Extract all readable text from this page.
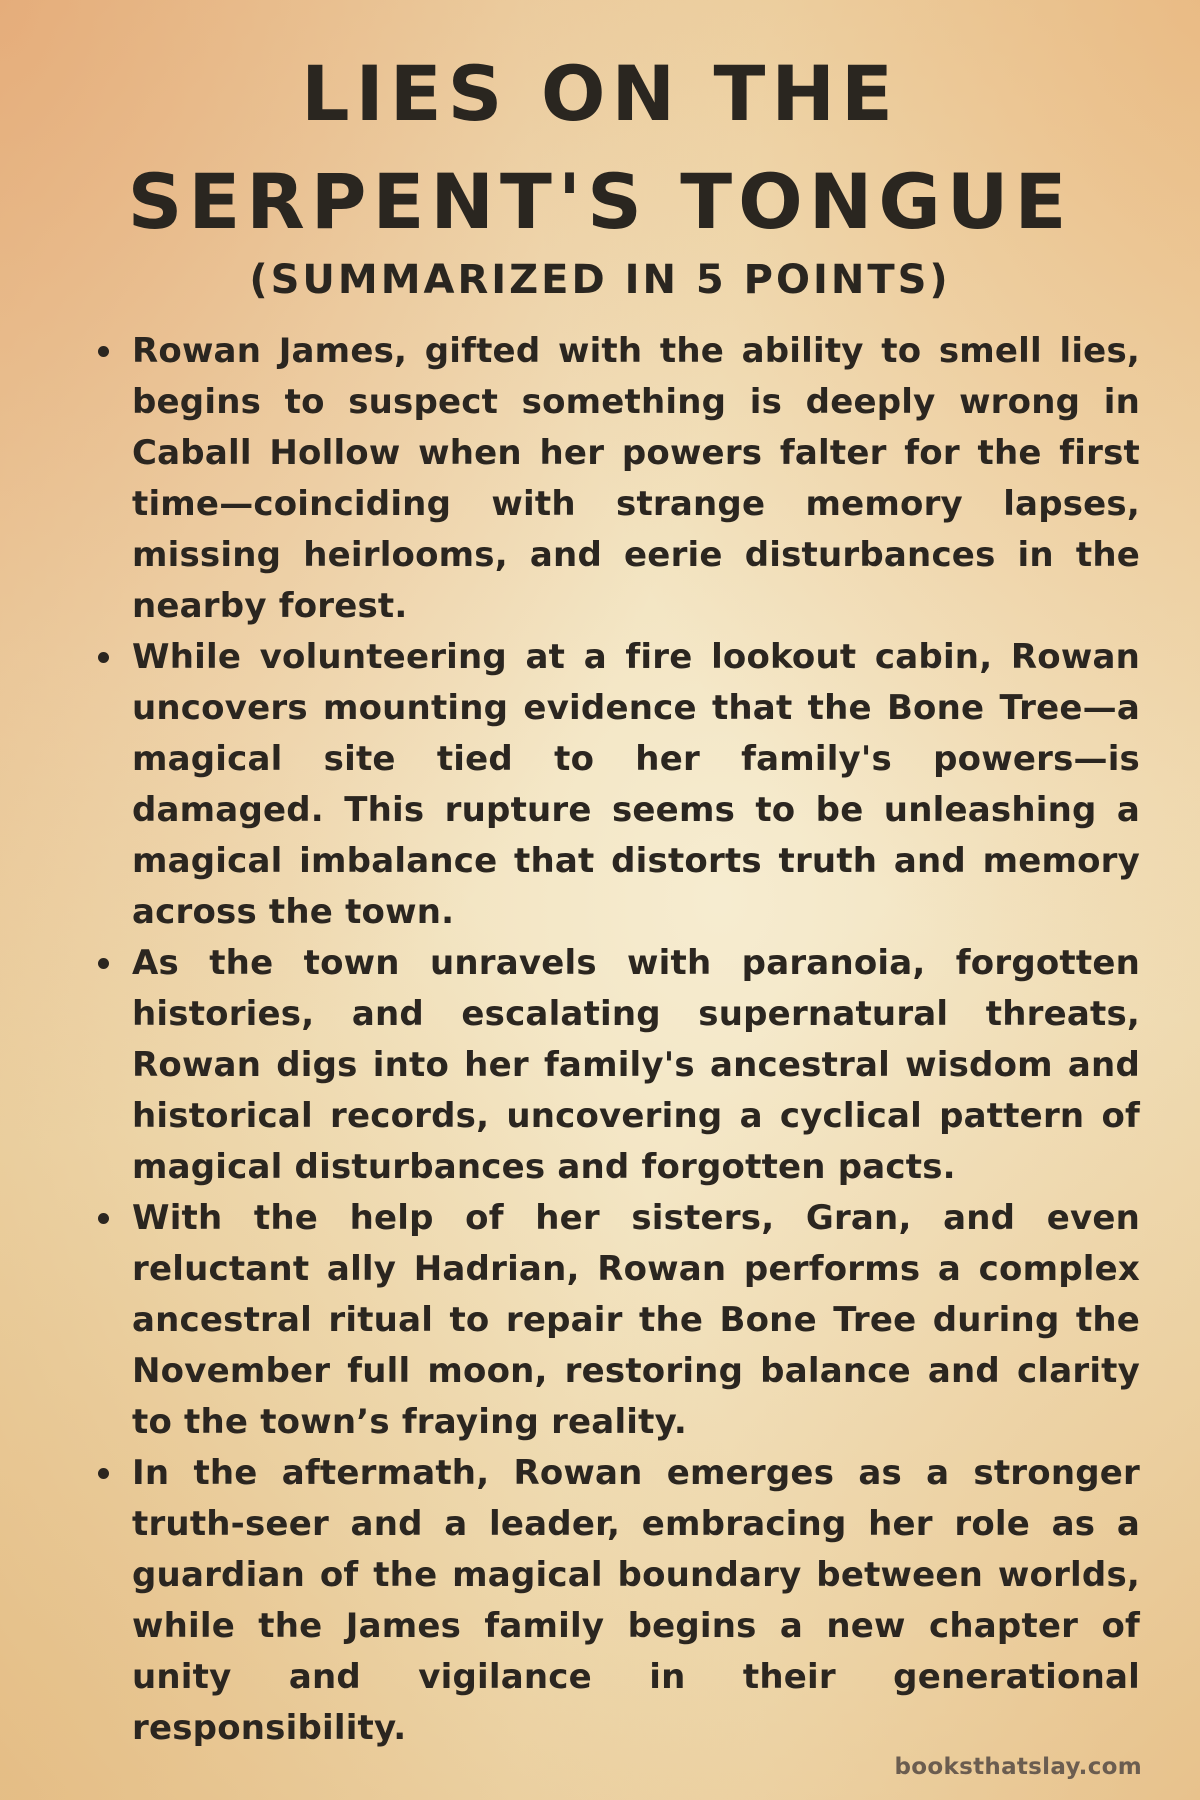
LIES ON THE
SERPENT'S TONGUE
(SUMMARIZED IN 5 POINTS)
Rowan James, gifted with the ability to smell lies, begins to suspect something is deeply wrong in Caball Hollow when her powers falter for the first time—coinciding with strange memory lapses, missing heirlooms, and eerie disturbances in the nearby forest.
While volunteering at a fire lookout cabin, Rowan uncovers mounting evidence that the Bone Tree—a magical site tied to her family's powers—is damaged. This rupture seems to be unleashing a magical imbalance that distorts truth and memory across the town.
As the town unravels with paranoia, forgotten histories, and escalating supernatural threats, Rowan digs into her family's ancestral wisdom and historical records, uncovering a cyclical pattern of magical disturbances and forgotten pacts.
With the help of her sisters, Gran, and even reluctant ally Hadrian, Rowan performs a complex ancestral ritual to repair the Bone Tree during the November full moon, restoring balance and clarity to the town’s fraying reality.
In the aftermath, Rowan emerges as a stronger truth-seer and a leader, embracing her role as a guardian of the magical boundary between worlds, while the James family begins a new chapter of unity and vigilance in their generational responsibility.
booksthatslay.com
